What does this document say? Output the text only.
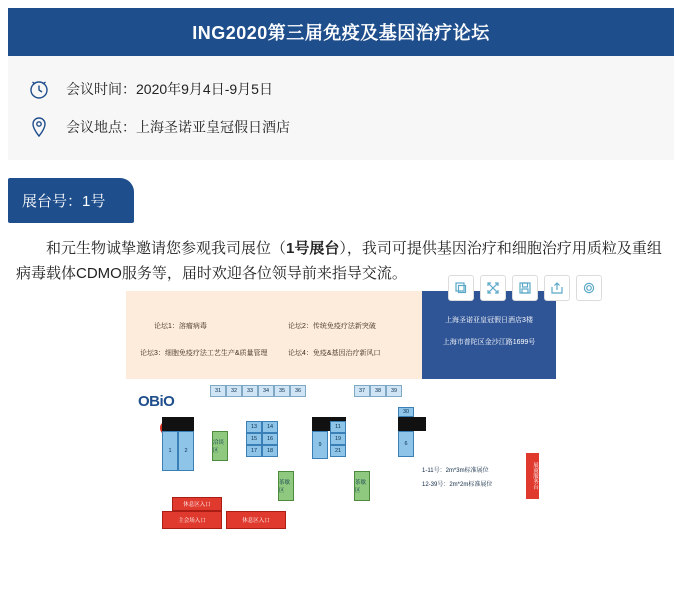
ING2020第三届免疫及基因治疗论坛
会议时间：2020年9月4日-9月5日
会议地点：上海圣诺亚皇冠假日酒店
展台号：1号

和元生物诚挚邀请您参观我司展位（1号展台），我司可提供基因治疗和细胞治疗用质粒及重组病毒载体CDMO服务等，届时欢迎各位领导前来指导交流。

论坛1：溶瘤病毒
论坛3：细胞免疫疗法工艺生产&质量管理
论坛2：传统免疫疗法新突破
论坛4：免疫&基因治疗新风口
上海圣诺亚皇冠假日酒店3楼
上海市普陀区金沙江路1699号
OBiO
31	32	33	34	35	36	37	38	39
1	2
洽谈区
13	14
15	16
17	18
9
11
19
21
30
6
茶歇区
茶歇区
休息区入口
主会场入口	休息区入口
1-11号：2m*3m标准展位
12-39号：2m*2m标准展位	展商服务台
